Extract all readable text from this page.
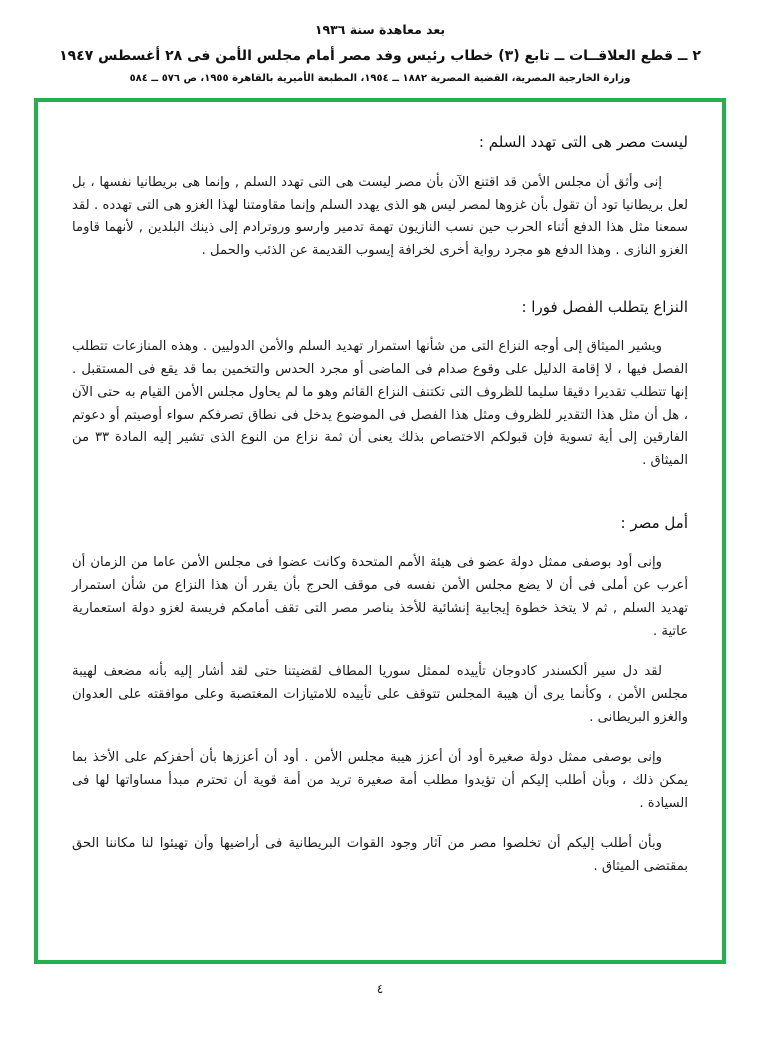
بعد معاهدة سنة ١٩٣٦
٢ ــ قطع العلاقــات ــ تابع (٣) خطاب رئيس وفد مصر أمام مجلس الأمن فى ٢٨ أغسطس ١٩٤٧
وزارة الخارجية المصرية، القضية المصرية ١٨٨٢ ــ ١٩٥٤، المطبعة الأميرية بالقاهرة ١٩٥٥، ص ٥٧٦ ــ ٥٨٤
ليست مصر هى التى تهدد السلم :

إنى وأثق أن مجلس الأمن قد اقتنع الآن بأن مصر ليست هى التى تهدد السلم , وإنما هى بريطانيا نفسها ، بل لعل بريطانيا تود أن تقول بأن غزوها لمصر ليس هو الذى يهدد السلم وإنما مقاومتنا لهذا الغزو هى التى تهدده . لقد سمعنا مثل هذا الدفع أثناء الحرب حين نسب النازيون تهمة تدمير وارسو وروترادم إلى ذينك البلدين , لأنهما قاوما الغزو النازى . وهذا الدفع هو مجرد رواية أخرى لخرافة إيسوب القديمة عن الذئب والحمل .

النزاع يتطلب الفصل فورا :

ويشير الميثاق إلى أوجه النزاع التى من شأنها استمرار تهديد السلم والأمن الدوليين . وهذه المنازعات تتطلب الفصل فيها ، لا إقامة الدليل على وقوع صدام فى الماضى أو مجرد الحدس والتخمين بما قد يقع فى المستقبل . إنها تتطلب تقديرا دقيقا سليما للظروف التى تكتنف النزاع القائم وهو ما لم يحاول مجلس الأمن القيام به حتى الآن ، هل أن مثل هذا التقدير للظروف ومثل هذا الفصل فى الموضوع يدخل فى نطاق تصرفكم سواء أوصيتم أو دعوتم الفارقين إلى أية تسوية فإن قبولكم الاختصاص بذلك يعنى أن ثمة نزاع من النوع الذى تشير إليه المادة ٣٣ من الميثاق .

أمل مصر :

وإنى أود بوصفى ممثل دولة عضو فى هيئة الأمم المتحدة وكانت عضوا فى مجلس الأمن عاما من الزمان أن أعرب عن أملى فى أن لا يضع مجلس الأمن نفسه فى موقف الحرج بأن يقرر أن هذا النزاع من شأن استمرار تهديد السلم , ثم لا يتخذ خطوة إيجابية إنشائية للأخذ بناصر مصر التى تقف أمامكم فريسة لغزو دولة استعمارية عاتية .

لقد دل سير ألكسندر كادوجان تأييده لممثل سوريا المطاف لقضيتنا حتى لقد أشار إليه بأنه مضعف لهيبة مجلس الأمن ، وكأنما يرى أن هيبة المجلس تتوقف على تأييده للامتيازات المغتصبة وعلى موافقته على العدوان والغزو البريطانى .

وإنى بوصفى ممثل دولة صغيرة أود أن أعزز هيبة مجلس الأمن . أود أن أعززها بأن أحفزكم على الأخذ بما يمكن ذلك ، وبأن أطلب إليكم أن تؤيدوا مطلب أمة صغيرة تريد من أمة قوية أن تحترم مبدأ مساواتها لها فى السيادة .

وبأن أطلب إليكم أن تخلصوا مصر من آثار وجود القوات البريطانية فى أراضيها وأن تهيئوا لنا مكاننا الحق بمقتضى الميثاق .

٤
